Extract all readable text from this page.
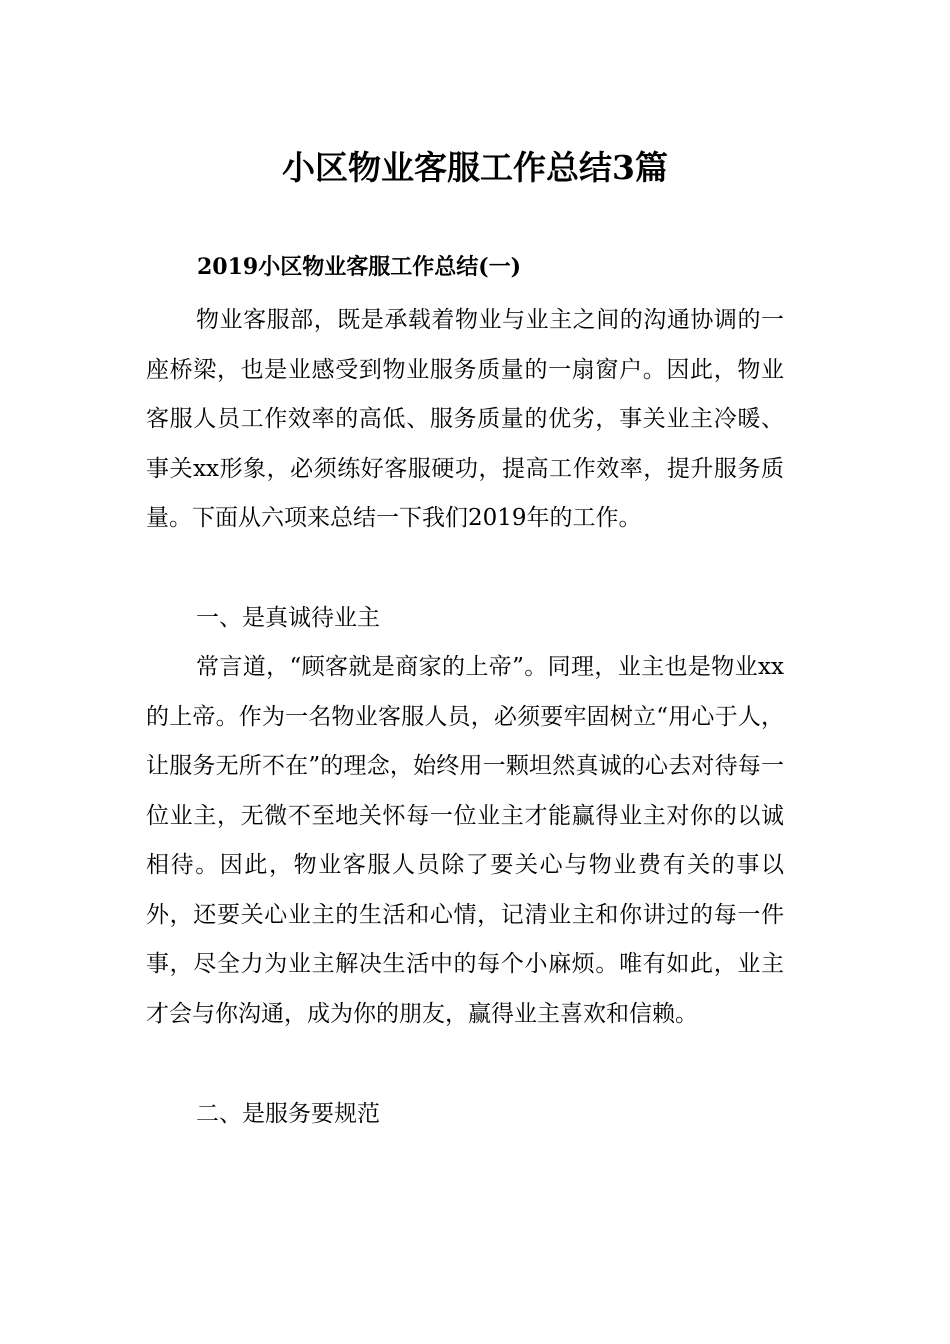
小区物业客服工作总结3篇
2019小区物业客服工作总结(一)

物业客服部，既是承载着物业与业主之间的沟通协调的一座桥梁，也是业感受到物业服务质量的一扇窗户。因此，物业客服人员工作效率的高低、服务质量的优劣，事关业主冷暖、事关xx形象，必须练好客服硬功，提高工作效率，提升服务质量。下面从六项来总结一下我们2019年的工作。

一、是真诚待业主

常言道，“顾客就是商家的上帝”。同理，业主也是物业xx的上帝。作为一名物业客服人员，必须要牢固树立“用心于人，让服务无所不在”的理念，始终用一颗坦然真诚的心去对待每一位业主，无微不至地关怀每一位业主才能赢得业主对你的以诚相待。因此，物业客服人员除了要关心与物业费有关的事以外，还要关心业主的生活和心情，记清业主和你讲过的每一件事，尽全力为业主解决生活中的每个小麻烦。唯有如此，业主才会与你沟通，成为你的朋友，赢得业主喜欢和信赖。

二、是服务要规范
